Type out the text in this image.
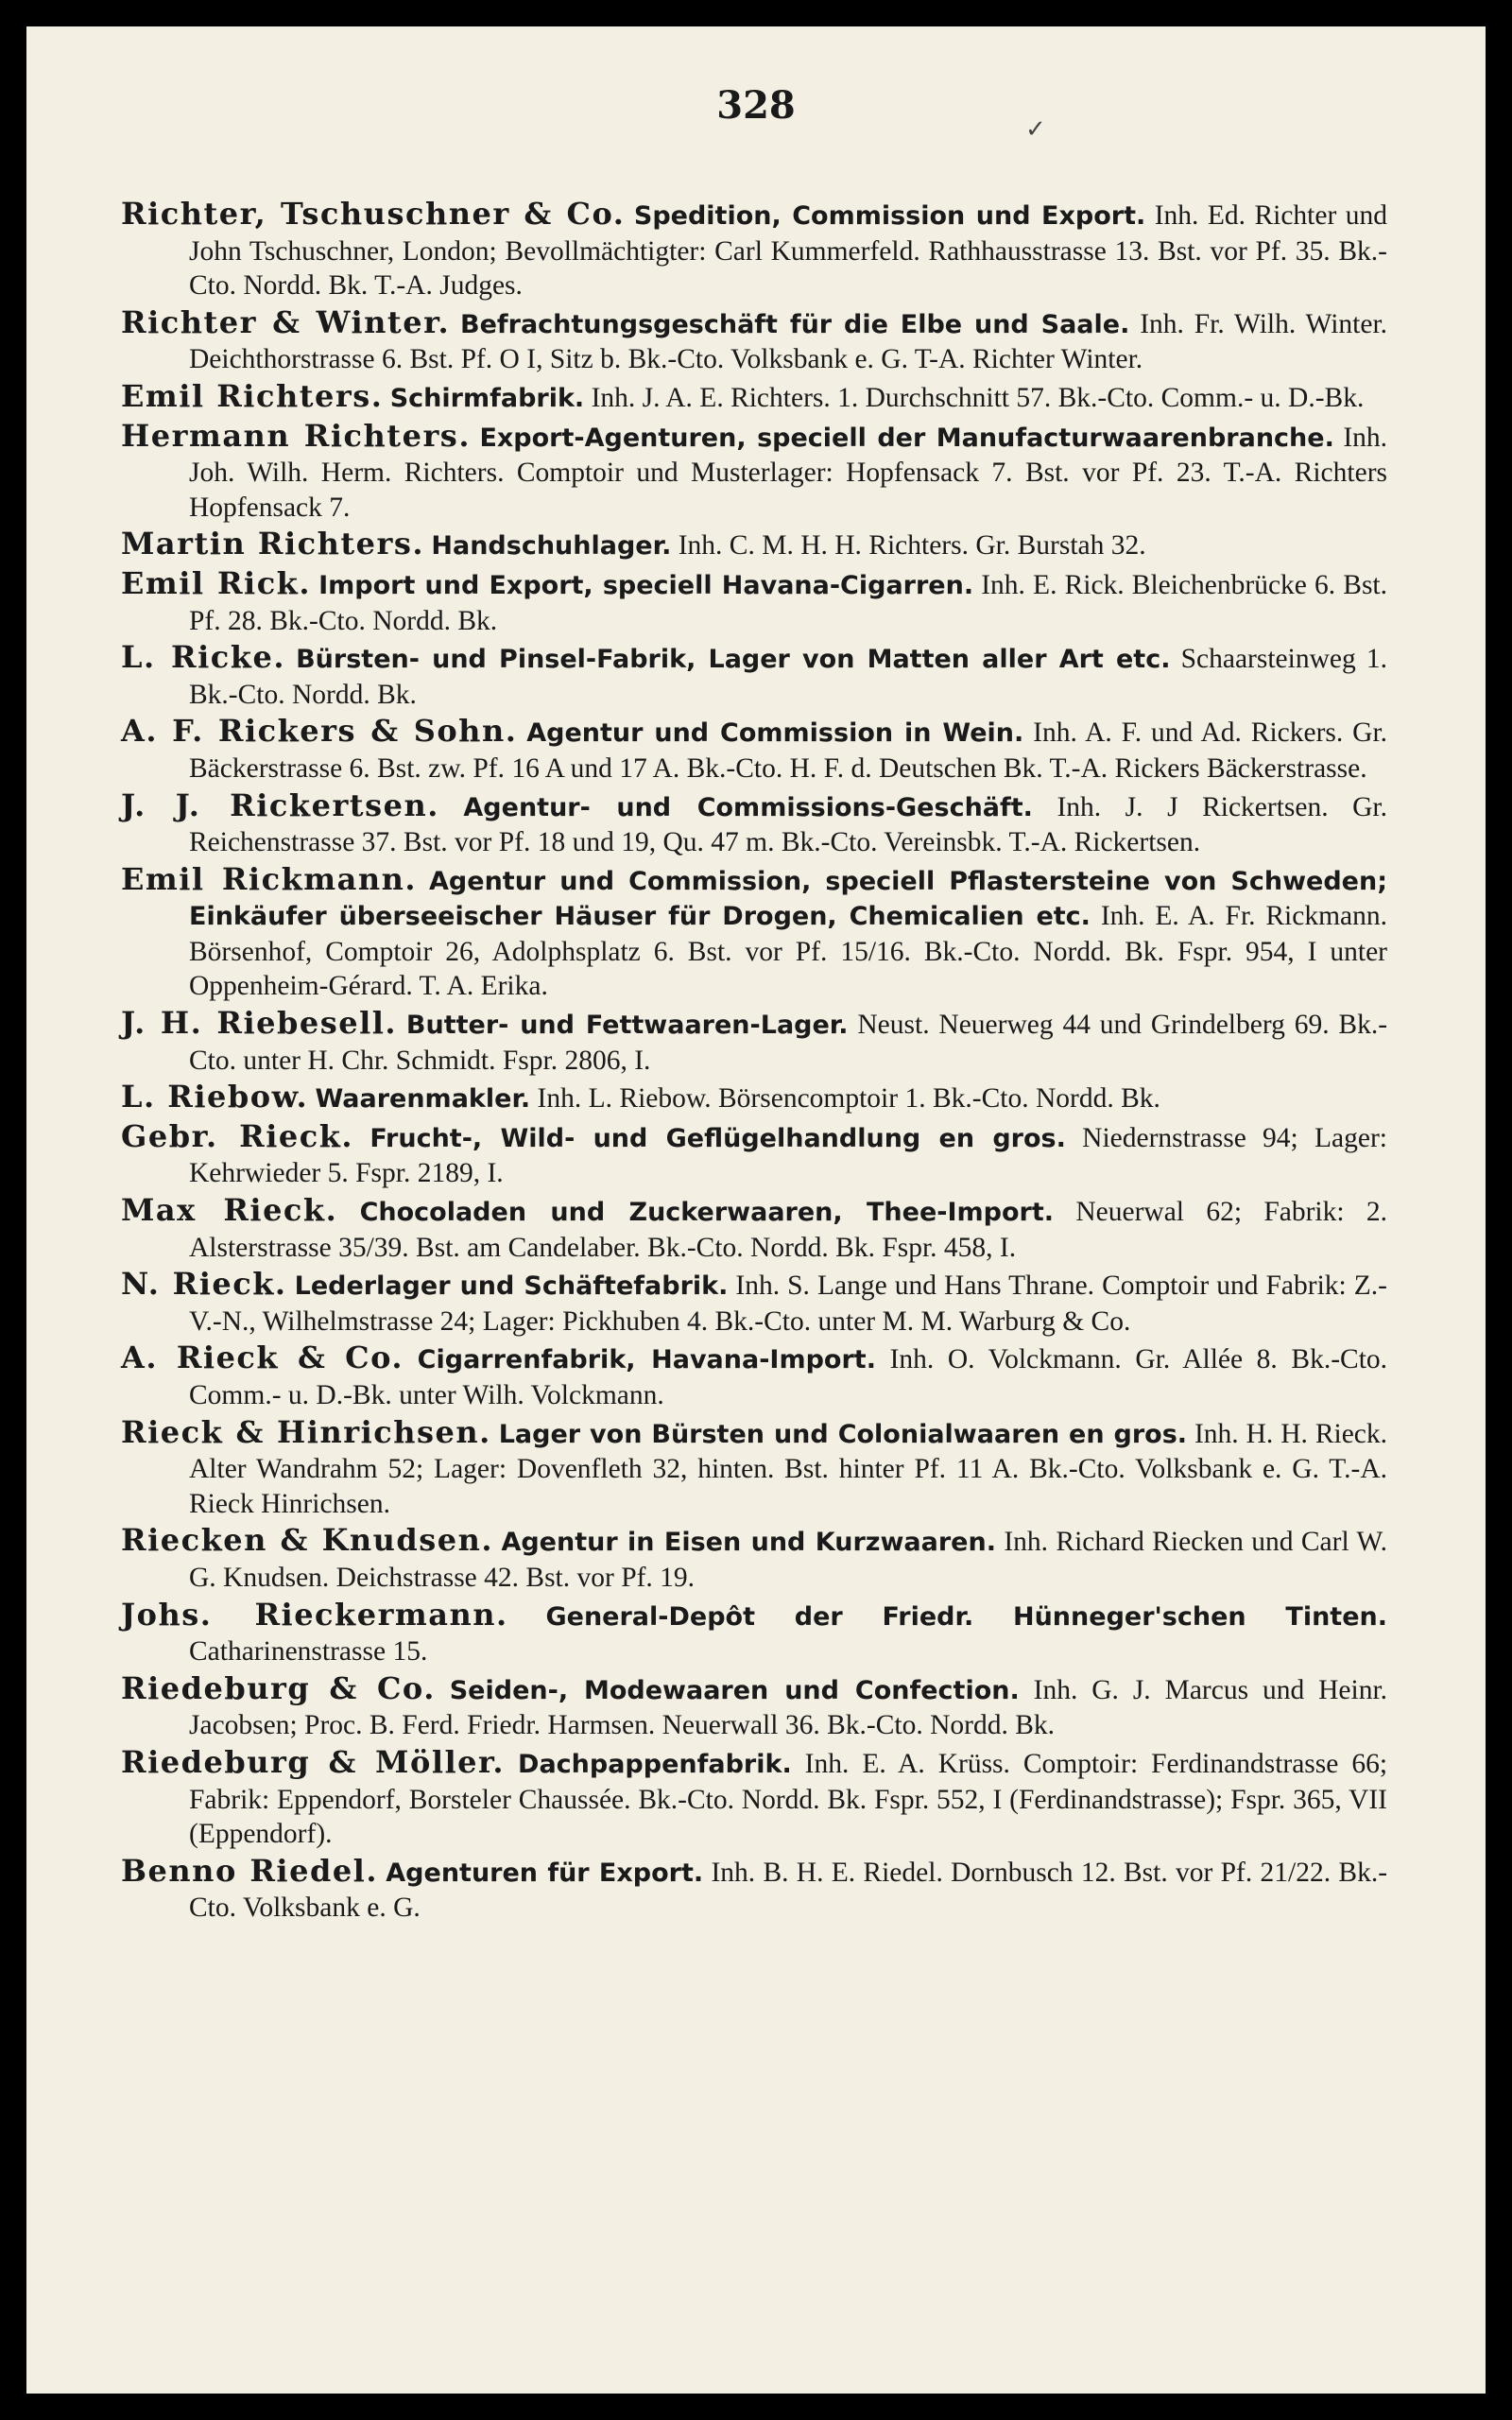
328
✓
Richter, Tschuschner & Co. Spedition, Commission und Export. Inh. Ed. Richter und John Tschuschner, London; Bevollmächtigter: Carl Kummerfeld. Rathhausstrasse 13. Bst. vor Pf. 35. Bk.-Cto. Nordd. Bk. T.-A. Judges.
Richter & Winter. Befrachtungsgeschäft für die Elbe und Saale. Inh. Fr. Wilh. Winter. Deichthorstrasse 6. Bst. Pf. O I, Sitz b. Bk.-Cto. Volksbank e. G. T-A. Richter Winter.
Emil Richters. Schirmfabrik. Inh. J. A. E. Richters. 1. Durchschnitt 57. Bk.-Cto. Comm.- u. D.-Bk.
Hermann Richters. Export-Agenturen, speciell der Manufacturwaarenbranche. Inh. Joh. Wilh. Herm. Richters. Comptoir und Musterlager: Hopfensack 7. Bst. vor Pf. 23. T.-A. Richters Hopfensack 7.
Martin Richters. Handschuhlager. Inh. C. M. H. H. Richters. Gr. Burstah 32.
Emil Rick. Import und Export, speciell Havana-Cigarren. Inh. E. Rick. Bleichenbrücke 6. Bst. Pf. 28. Bk.-Cto. Nordd. Bk.
L. Ricke. Bürsten- und Pinsel-Fabrik, Lager von Matten aller Art etc. Schaarsteinweg 1. Bk.-Cto. Nordd. Bk.
A. F. Rickers & Sohn. Agentur und Commission in Wein. Inh. A. F. und Ad. Rickers. Gr. Bäckerstrasse 6. Bst. zw. Pf. 16 A und 17 A. Bk.-Cto. H. F. d. Deutschen Bk. T.-A. Rickers Bäckerstrasse.
J. J. Rickertsen. Agentur- und Commissions-Geschäft. Inh. J. J Rickertsen. Gr. Reichenstrasse 37. Bst. vor Pf. 18 und 19, Qu. 47 m. Bk.-Cto. Vereinsbk. T.-A. Rickertsen.
Emil Rickmann. Agentur und Commission, speciell Pflastersteine von Schweden; Einkäufer überseeischer Häuser für Drogen, Chemicalien etc. Inh. E. A. Fr. Rickmann. Börsenhof, Comptoir 26, Adolphsplatz 6. Bst. vor Pf. 15/16. Bk.-Cto. Nordd. Bk. Fspr. 954, I unter Oppenheim-Gérard. T. A. Erika.
J. H. Riebesell. Butter- und Fettwaaren-Lager. Neust. Neuerweg 44 und Grindelberg 69. Bk.-Cto. unter H. Chr. Schmidt. Fspr. 2806, I.
L. Riebow. Waarenmakler. Inh. L. Riebow. Börsencomptoir 1. Bk.-Cto. Nordd. Bk.
Gebr. Rieck. Frucht-, Wild- und Geflügelhandlung en gros. Niedernstrasse 94; Lager: Kehrwieder 5. Fspr. 2189, I.
Max Rieck. Chocoladen und Zuckerwaaren, Thee-Import. Neuerwal 62; Fabrik: 2. Alsterstrasse 35/39. Bst. am Candelaber. Bk.-Cto. Nordd. Bk. Fspr. 458, I.
N. Rieck. Lederlager und Schäftefabrik. Inh. S. Lange und Hans Thrane. Comptoir und Fabrik: Z.-V.-N., Wilhelmstrasse 24; Lager: Pickhuben 4. Bk.-Cto. unter M. M. Warburg & Co.
A. Rieck & Co. Cigarrenfabrik, Havana-Import. Inh. O. Volckmann. Gr. Allée 8. Bk.-Cto. Comm.- u. D.-Bk. unter Wilh. Volckmann.
Rieck & Hinrichsen. Lager von Bürsten und Colonialwaaren en gros. Inh. H. H. Rieck. Alter Wandrahm 52; Lager: Dovenfleth 32, hinten. Bst. hinter Pf. 11 A. Bk.-Cto. Volksbank e. G. T.-A. Rieck Hinrichsen.
Riecken & Knudsen. Agentur in Eisen und Kurzwaaren. Inh. Richard Riecken und Carl W. G. Knudsen. Deichstrasse 42. Bst. vor Pf. 19.
Johs. Rieckermann. General-Depôt der Friedr. Hünneger'schen Tinten. Catharinenstrasse 15.
Riedeburg & Co. Seiden-, Modewaaren und Confection. Inh. G. J. Marcus und Heinr. Jacobsen; Proc. B. Ferd. Friedr. Harmsen. Neuerwall 36. Bk.-Cto. Nordd. Bk.
Riedeburg & Möller. Dachpappenfabrik. Inh. E. A. Krüss. Comptoir: Ferdinandstrasse 66; Fabrik: Eppendorf, Borsteler Chaussée. Bk.-Cto. Nordd. Bk. Fspr. 552, I (Ferdinandstrasse); Fspr. 365, VII (Eppendorf).
Benno Riedel. Agenturen für Export. Inh. B. H. E. Riedel. Dornbusch 12. Bst. vor Pf. 21/22. Bk.-Cto. Volksbank e. G.
